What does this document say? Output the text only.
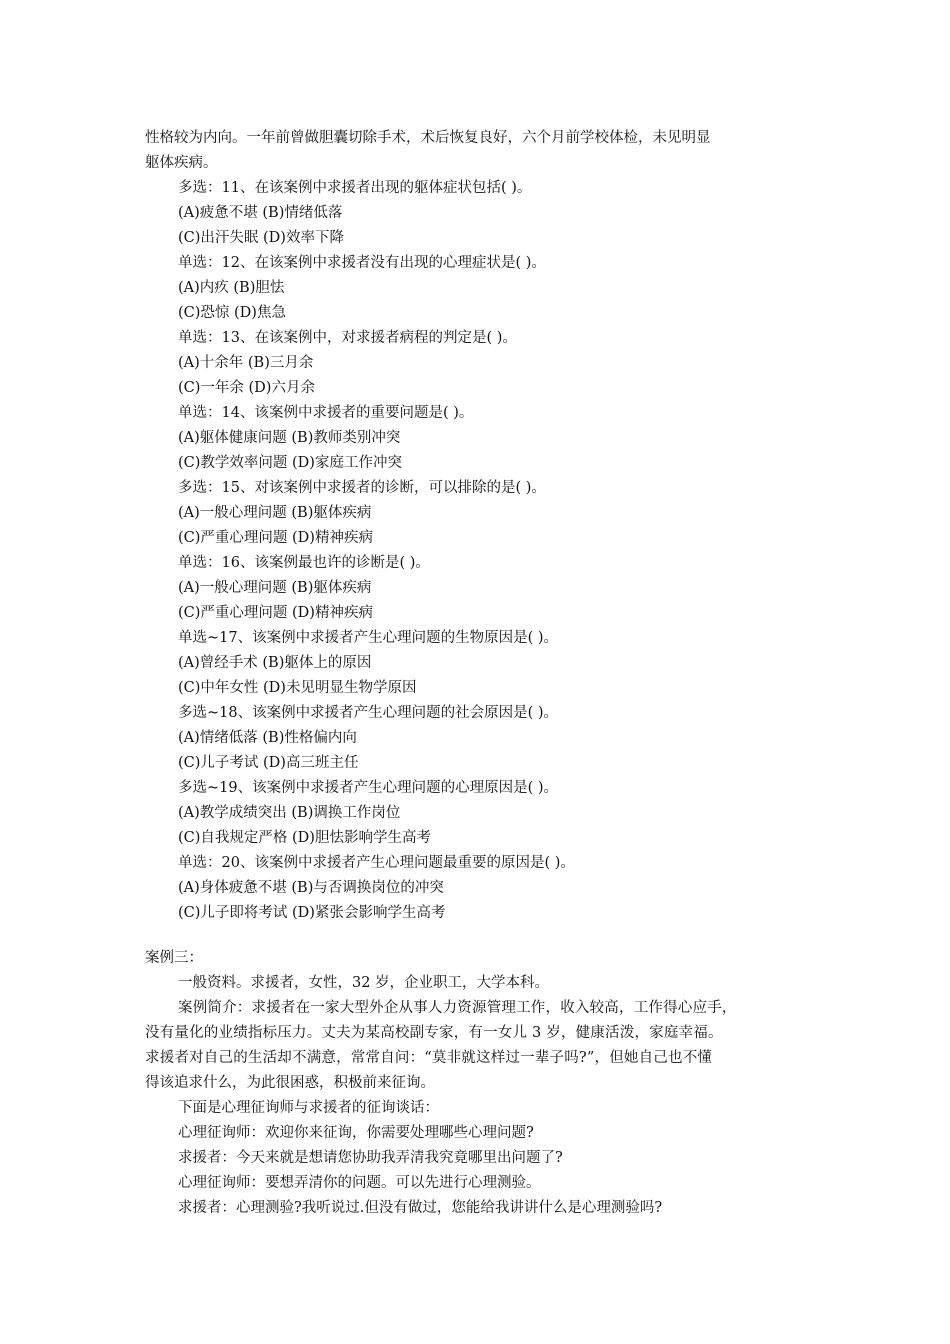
性格较为内向。一年前曾做胆囊切除手术，术后恢复良好，六个月前学校体检，未见明显
躯体疾病。
多选：11、在该案例中求援者出现的躯体症状包括( )。
(A)疲惫不堪 (B)情绪低落
(C)出汗失眠 (D)效率下降
单选：12、在该案例中求援者没有出现的心理症状是( )。
(A)内疚 (B)胆怯
(C)恐惊 (D)焦急
单选：13、在该案例中，对求援者病程的判定是( )。
(A)十余年 (B)三月余
(C)一年余 (D)六月余
单选：14、该案例中求援者的重要问题是( )。
(A)躯体健康问题 (B)教师类别冲突
(C)教学效率问题 (D)家庭工作冲突
多选：15、对该案例中求援者的诊断，可以排除的是( )。
(A)一般心理问题 (B)躯体疾病
(C)严重心理问题 (D)精神疾病
单选：16、该案例最也许的诊断是( )。
(A)一般心理问题 (B)躯体疾病
(C)严重心理问题 (D)精神疾病
单选~17、该案例中求援者产生心理问题的生物原因是( )。
(A)曾经手术 (B)躯体上的原因
(C)中年女性 (D)未见明显生物学原因
多选~18、该案例中求援者产生心理问题的社会原因是( )。
(A)情绪低落 (B)性格偏内向
(C)儿子考试 (D)高三班主任
多选~19、该案例中求援者产生心理问题的心理原因是( )。
(A)教学成绩突出 (B)调换工作岗位
(C)自我规定严格 (D)胆怯影响学生高考
单选：20、该案例中求援者产生心理问题最重要的原因是( )。
(A)身体疲惫不堪 (B)与否调换岗位的冲突
(C)儿子即将考试 (D)紧张会影响学生高考
案例三：
一般资料。求援者，女性，32 岁，企业职工，大学本科。
案例简介：求援者在一家大型外企从事人力资源管理工作，收入较高，工作得心应手，
没有量化的业绩指标压力。丈夫为某高校副专家，有一女儿 3 岁，健康活泼，家庭幸福。
求援者对自己的生活却不满意，常常自问：“莫非就这样过一辈子吗?”，但她自己也不懂
得该追求什么，为此很困惑，积极前来征询。
下面是心理征询师与求援者的征询谈话：
心理征询师：欢迎你来征询，你需要处理哪些心理问题?
求援者：今天来就是想请您协助我弄清我究竟哪里出问题了?
心理征询师：要想弄清你的问题。可以先进行心理测验。
求援者：心理测验?我听说过.但没有做过，您能给我讲讲什么是心理测验吗?
